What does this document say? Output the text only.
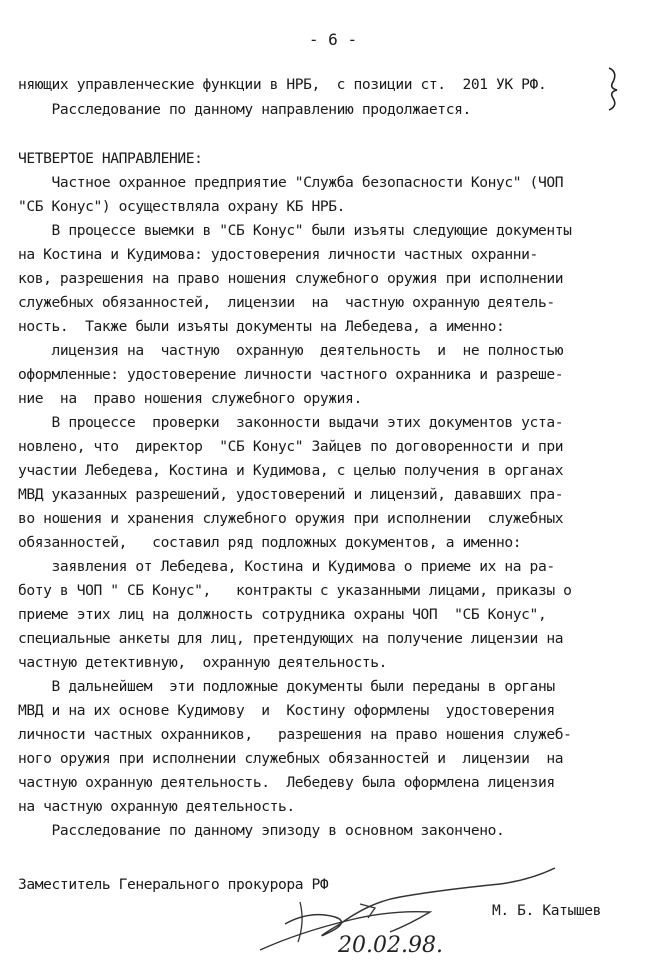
- 6 -
няющих управленческие функции в НРБ,  с позиции ст.  201 УК РФ.
Расследование по данному направлению продолжается.
ЧЕТВЕРТОЕ НАПРАВЛЕНИЕ:
Частное охранное предприятие "Служба безопасности Конус" (ЧОП
"СБ Конус") осуществляла охрану КБ НРБ.
В процессе выемки в "СБ Конус" были изъяты следующие документы
на Костина и Кудимова: удостоверения личности частных охранни-
ков, разрешения на право ношения служебного оружия при исполнении
служебных обязанностей,  лицензии  на  частную охранную деятель-
ность.  Также были изъяты документы на Лебедева, а именно:
лицензия на  частную  охранную  деятельность  и  не полностью
оформленные: удостоверение личности частного охранника и разреше-
ние  на  право ношения служебного оружия.
В процессе  проверки  законности выдачи этих документов уста-
новлено, что  директор  "СБ Конус" Зайцев по договоренности и при
участии Лебедева, Костина и Кудимова, с целью получения в органах
МВД указанных разрешений, удостоверений и лицензий, дававших пра-
во ношения и хранения служебного оружия при исполнении  служебных
обязанностей,   составил ряд подложных документов, а именно:
заявления от Лебедева, Костина и Кудимова о приеме их на ра-
боту в ЧОП " СБ Конус",   контракты с указанными лицами, приказы о
приеме этих лиц на должность сотрудника охраны ЧОП  "СБ Конус",
специальные анкеты для лиц, претендующих на получение лицензии на
частную детективную,  охранную деятельность.
В дальнейшем  эти подложные документы были переданы в органы
МВД и на их основе Кудимову  и  Костину оформлены  удостоверения
личности частных охранников,   разрешения на право ношения служеб-
ного оружия при исполнении служебных обязанностей и  лицензии  на
частную охранную деятельность.  Лебедеву была оформлена лицензия
на частную охранную деятельность.
Расследование по данному эпизоду в основном закончено.
Заместитель Генерального прокурора РФ
М. Б. Катышев
20.02.98.
